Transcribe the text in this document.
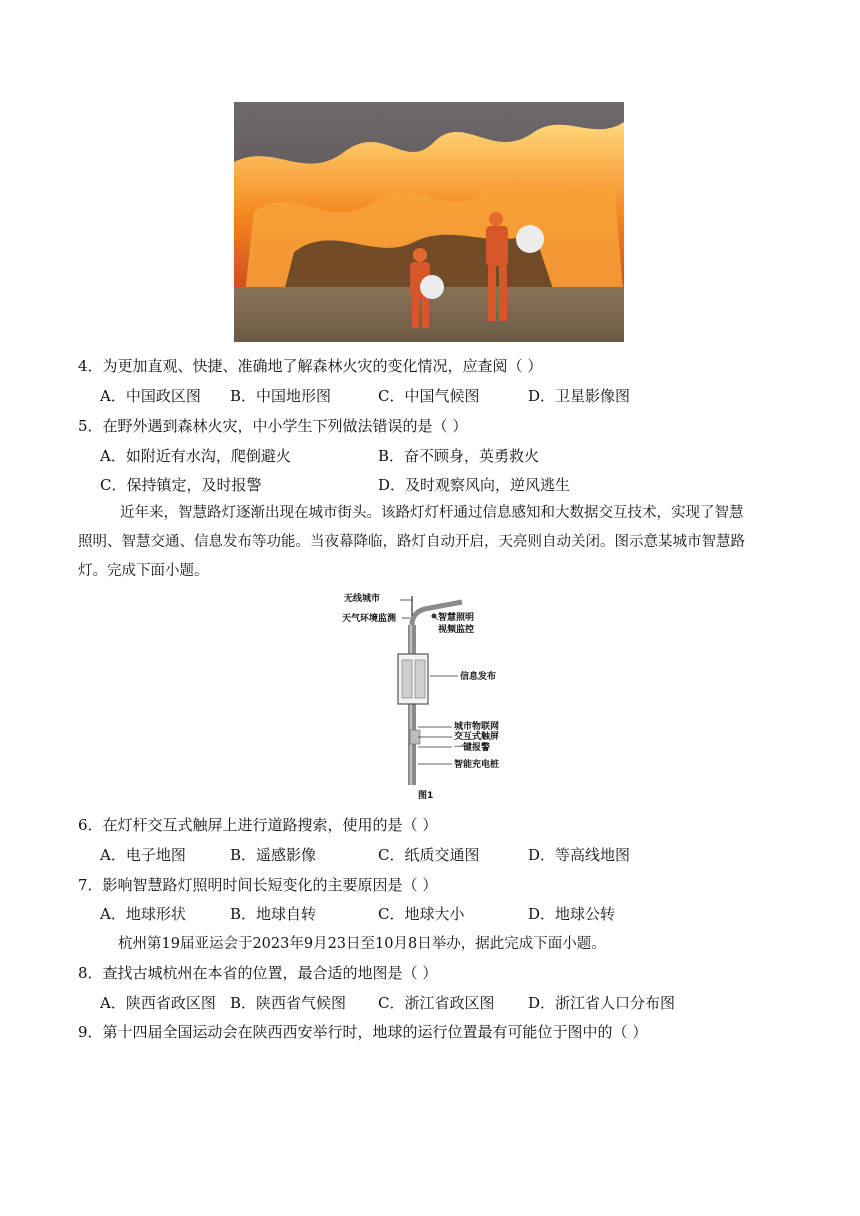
4．为更加直观、快捷、准确地了解森林火灾的变化情况，应查阅（ ）
A．中国政区图 B．中国地形图	C．中国气候图	D．卫星影像图
5．在野外遇到森林火灾，中小学生下列做法错误的是（ ）
A．如附近有水沟，爬倒避火	B．奋不顾身，英勇救火
C．保持镇定，及时报警	D．及时观察风向，逆风逃生
近年来，智慧路灯逐渐出现在城市街头。该路灯灯杆通过信息感知和大数据交互技术，实现了智慧
照明、智慧交通、信息发布等功能。当夜幕降临，路灯自动开启，天亮则自动关闭。图示意某城市智慧路
灯。完成下面小题。
无线城市
天气环境监测	智慧照明
视频监控
信息发布
城市物联网
交互式触屏
一键报警
智能充电桩
图1
6．在灯杆交互式触屏上进行道路搜索，使用的是（ ）
A．电子地图	B．遥感影像	C．纸质交通图	D．等高线地图
7．影响智慧路灯照明时间长短变化的主要原因是（ ）
A．地球形状	B．地球自转	C．地球大小	D．地球公转
杭州第19届亚运会于2023年9月23日至10月8日举办，据此完成下面小题。
8．查找古城杭州在本省的位置，最合适的地图是（ ）
A．陕西省政区图 B．陕西省气候图 C．浙江省政区图 D．浙江省人口分布图
9．第十四届全国运动会在陕西西安举行时，地球的运行位置最有可能位于图中的（ ）
